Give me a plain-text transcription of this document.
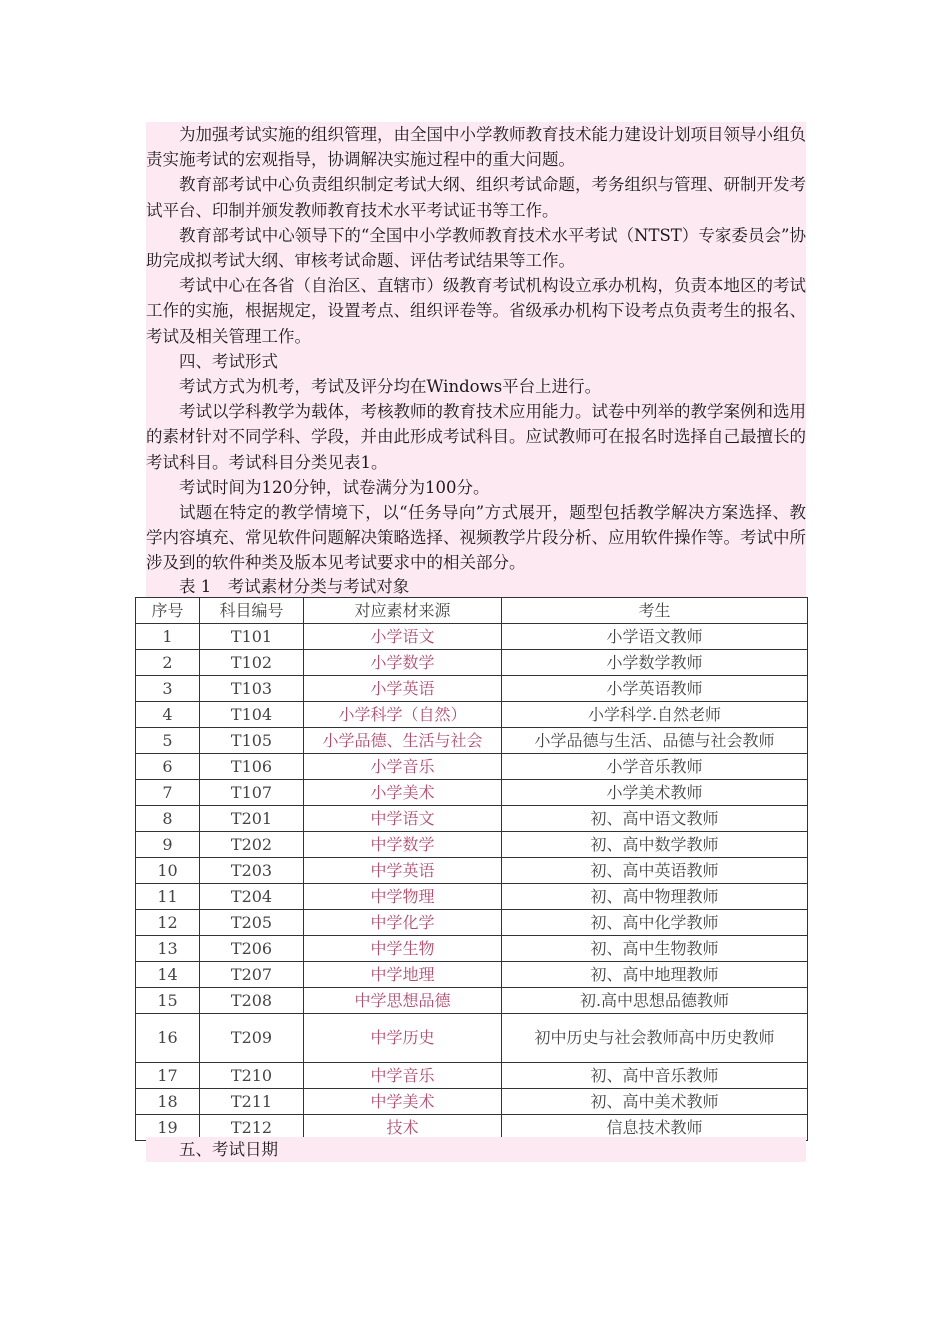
为加强考试实施的组织管理，由全国中小学教师教育技术能力建设计划项目领导小组负责实施考试的宏观指导，协调解决实施过程中的重大问题。

教育部考试中心负责组织制定考试大纲、组织考试命题，考务组织与管理、研制开发考试平台、印制并颁发教师教育技术水平考试证书等工作。

教育部考试中心领导下的“全国中小学教师教育技术水平考试（NTST）专家委员会”协助完成拟考试大纲、审核考试命题、评估考试结果等工作。

考试中心在各省（自治区、直辖市）级教育考试机构设立承办机构，负责本地区的考试工作的实施，根据规定，设置考点、组织评卷等。省级承办机构下设考点负责考生的报名、考试及相关管理工作。

四、考试形式

考试方式为机考，考试及评分均在Windows平台上进行。

考试以学科教学为载体，考核教师的教育技术应用能力。试卷中列举的教学案例和选用的素材针对不同学科、学段，并由此形成考试科目。应试教师可在报名时选择自己最擅长的考试科目。考试科目分类见表1。

考试时间为120分钟，试卷满分为100分。

试题在特定的教学情境下，以“任务导向”方式展开，题型包括教学解决方案选择、教学内容填充、常见软件问题解决策略选择、视频教学片段分析、应用软件操作等。考试中所涉及到的软件种类及版本见考试要求中的相关部分。

表 1　考试素材分类与考试对象

序号	科目编号	对应素材来源	考生
1	T101	小学语文	小学语文教师
2	T102	小学数学	小学数学教师
3	T103	小学英语	小学英语教师
4	T104	小学科学（自然）	小学科学.自然老师
5	T105	小学品德、生活与社会	小学品德与生活、品德与社会教师
6	T106	小学音乐	小学音乐教师
7	T107	小学美术	小学美术教师
8	T201	中学语文	初、高中语文教师
9	T202	中学数学	初、高中数学教师
10	T203	中学英语	初、高中英语教师
11	T204	中学物理	初、高中物理教师
12	T205	中学化学	初、高中化学教师
13	T206	中学生物	初、高中生物教师
14	T207	中学地理	初、高中地理教师
15	T208	中学思想品德	初.高中思想品德教师
16	T209	中学历史	初中历史与社会教师高中历史教师
17	T210	中学音乐	初、高中音乐教师
18	T211	中学美术	初、高中美术教师
19	T212	技术	信息技术教师

五、考试日期
